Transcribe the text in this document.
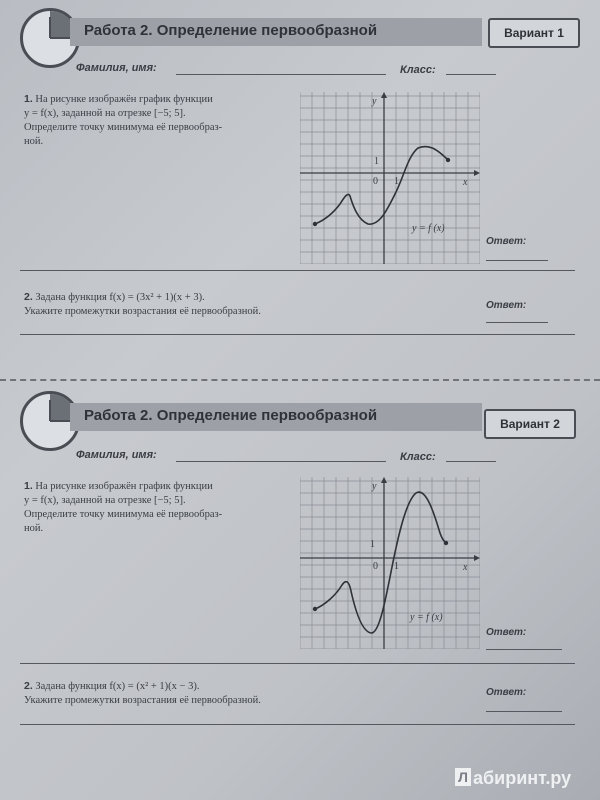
Работа 2. Определение первообразной	Вариант 1
Фамилия, имя:	Класс:
1. На рисунке изображён график функции
y = f(x), заданной на отрезке [−5; 5].
Определите точку минимума её первообраз-
ной.
y
x
0 1
1
y = f (x)
Ответ:
2. Задана функция f(x) = (3x² + 1)(x + 3).
Укажите промежутки возрастания её первообразной.
Ответ:
Работа 2. Определение первообразной	Вариант 2
Фамилия, имя:	Класс:
1. На рисунке изображён график функции
y = f(x), заданной на отрезке [−5; 5].
Определите точку минимума её первообраз-
ной.
y
x
0 1
1
y = f (x)
Ответ:
2. Задана функция f(x) = (x² + 1)(x − 3).
Укажите промежутки возрастания её первообразной.
Ответ:
Л абиринт.ру
